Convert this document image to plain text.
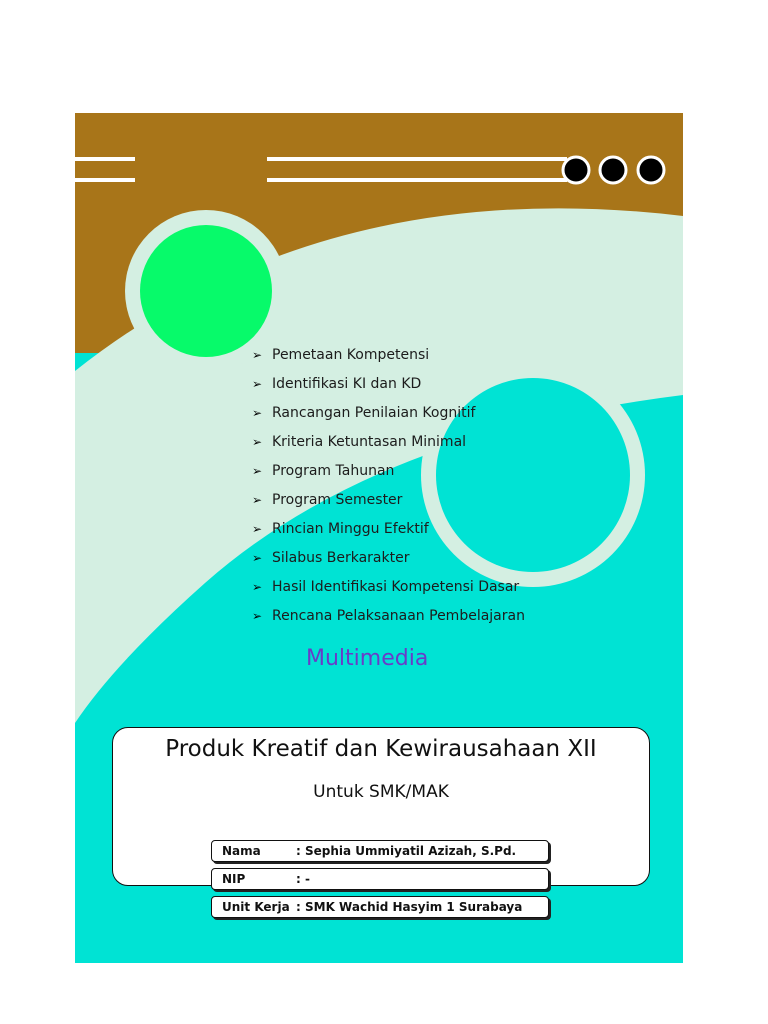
➢ Pemetaan Kompetensi
➢ Identifikasi KI dan KD
➢ Rancangan Penilaian Kognitif
➢ Kriteria Ketuntasan Minimal
➢ Program Tahunan
➢ Program Semester
➢ Rincian Minggu Efektif
➢ Silabus Berkarakter
➢ Hasil Identifikasi Kompetensi Dasar
➢ Rencana Pelaksanaan Pembelajaran
Multimedia
Produk Kreatif dan Kewirausahaan XII
Untuk SMK/MAK
Nama	: Sephia Ummiyatil Azizah, S.Pd.
NIP	: -
Unit Kerja	: SMK Wachid Hasyim 1 Surabaya
